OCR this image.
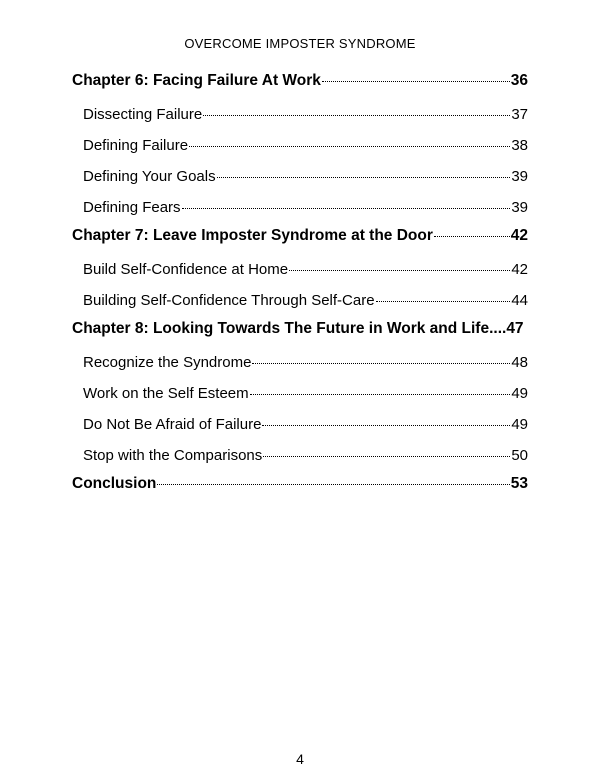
OVERCOME IMPOSTER SYNDROME
Chapter 6: Facing Failure At Work	36
Dissecting Failure	37
Defining Failure	38
Defining Your Goals	39
Defining Fears	39
Chapter 7: Leave Imposter Syndrome at the Door	42
Build Self-Confidence at Home	42
Building Self-Confidence Through Self-Care	44
Chapter 8: Looking Towards The Future in Work and Life.... 47
Recognize the Syndrome	48
Work on the Self Esteem	49
Do Not Be Afraid of Failure	49
Stop with the Comparisons	50
Conclusion	53
4
